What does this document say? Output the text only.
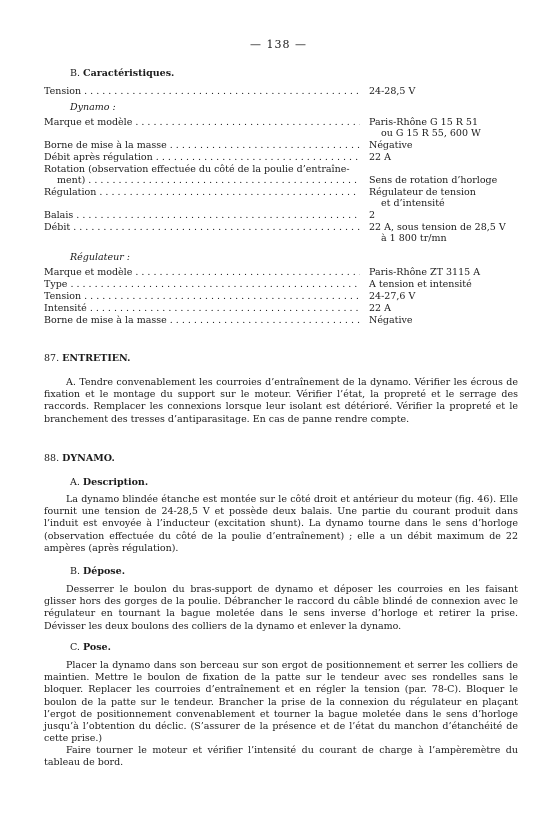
— 138 —
B. Caractéristiques.
Tension . . .	24-28,5 V
Dynamo :
Marque et modèle . . .	Paris-Rhône G 15 R 51
ou G 15 R 55, 600 W
Borne de mise à la masse . . .	Négative
Débit après régulation . . .	22 A
Rotation (observation effectuée du côté de la poulie d’entraîne-
ment) . . .	Sens de rotation d’horloge
Régulation . . .	Régulateur de tension
et d’intensité
Balais . . .	2
Débit . . .	22 A, sous tension de 28,5 V
à 1 800 tr/mn
Régulateur :
Marque et modèle . . .	Paris-Rhône ZT 3115 A
Type . . .	A tension et intensité
Tension . . .	24-27,6 V
Intensité . . .	22 A
Borne de mise à la masse . . .	Négative
87. ENTRETIEN.

A. Tendre convenablement les courroies d’entraînement de la dynamo. Vérifier les écrous de fixation et le montage du support sur le moteur. Vérifier l’état, la propreté et le serrage des raccords. Remplacer les connexions lorsque leur isolant est détérioré. Vérifier la propreté et le branchement des tresses d’antiparasitage. En cas de panne rendre compte.

88. DYNAMO.
A. Description.

La dynamo blindée étanche est montée sur le côté droit et antérieur du moteur (fig. 46). Elle fournit une tension de 24-28,5 V et possède deux balais. Une partie du courant produit dans l’induit est envoyée à l’inducteur (excitation shunt). La dynamo tourne dans le sens d’horloge (observation effectuée du côté de la poulie d’entraînement) ; elle a un débit maximum de 22 ampères (après régulation).

B. Dépose.

Desserrer le boulon du bras-support de dynamo et déposer les courroies en les faisant glisser hors des gorges de la poulie. Débrancher le raccord du câble blindé de connexion avec le régulateur en tournant la bague moletée dans le sens inverse d’horloge et retirer la prise. Dévisser les deux boulons des colliers de la dynamo et enlever la dynamo.

C. Pose.

Placer la dynamo dans son berceau sur son ergot de positionnement et serrer les colliers de maintien. Mettre le boulon de fixation de la patte sur le tendeur avec ses rondelles sans le bloquer. Replacer les courroies d’entraînement et en régler la tension (par. 78-C). Bloquer le boulon de la patte sur le tendeur. Brancher la prise de la connexion du régulateur en plaçant l’ergot de positionnement convenablement et tourner la bague moletée dans le sens d’horloge jusqu’à l’obtention du déclic. (S’assurer de la présence et de l’état du manchon d’étanchéité de cette prise.)

Faire tourner le moteur et vérifier l’intensité du courant de charge à l’ampèremètre du tableau de bord.
